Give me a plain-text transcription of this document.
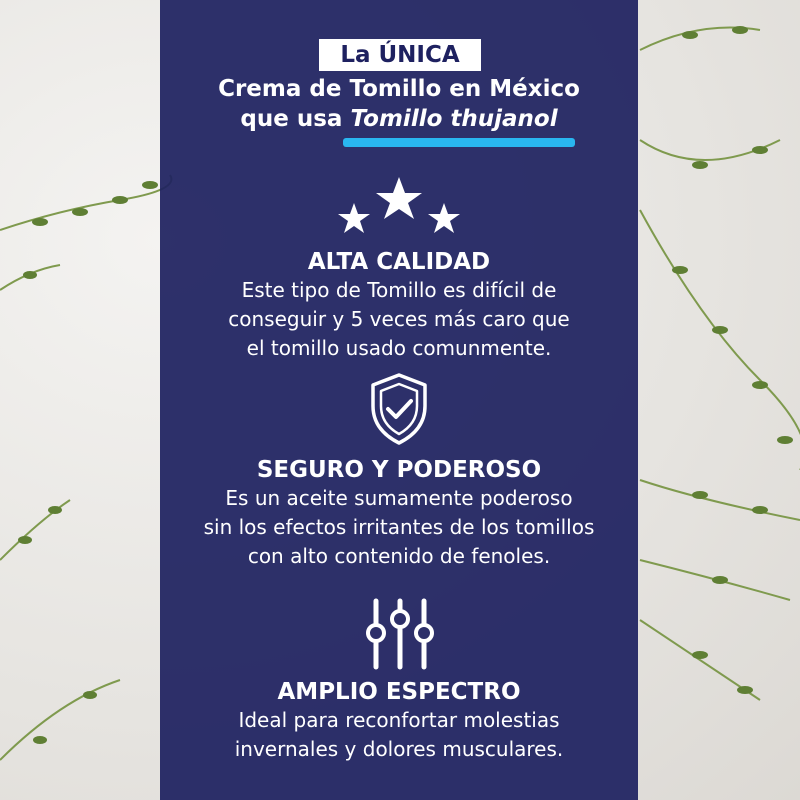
La ÚNICA
Crema de Tomillo en México
que usa Tomillo thujanol
ALTA CALIDAD
Este tipo de Tomillo es difícil de
conseguir y 5 veces más caro que
el tomillo usado comunmente.
SEGURO Y PODEROSO
Es un aceite sumamente poderoso
sin los efectos irritantes de los tomillos
con alto contenido de fenoles.
AMPLIO ESPECTRO
Ideal para reconfortar molestias
invernales y dolores musculares.
